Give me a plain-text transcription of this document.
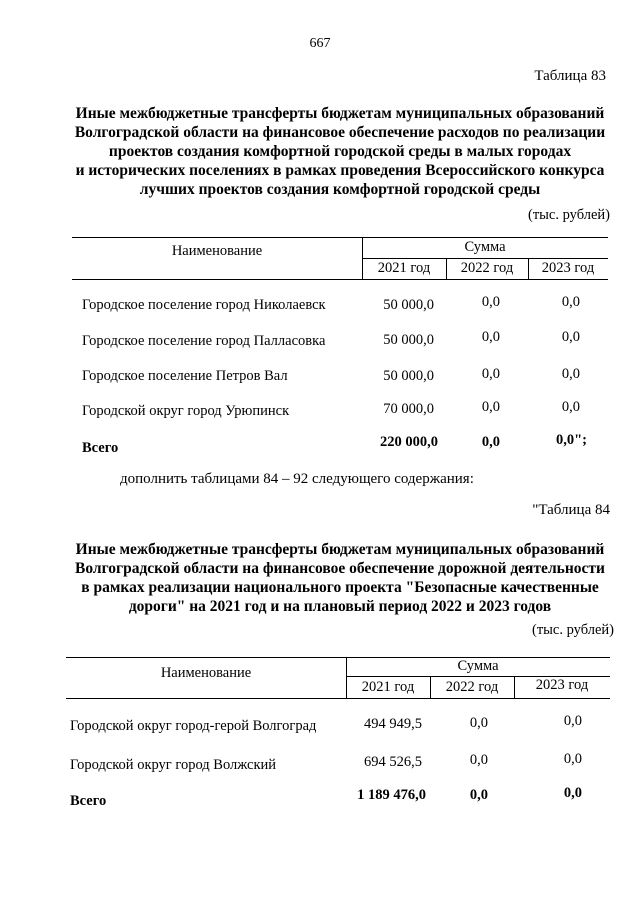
667
Таблица 83
Иные межбюджетные трансферты бюджетам муниципальных образований
Волгоградской области на финансовое обеспечение расходов по реализации
проектов создания комфортной городской среды в малых городах
и исторических поселениях в рамках проведения Всероссийского конкурса
лучших проектов создания комфортной городской среды
(тыс. рублей)
Наименование	Сумма
2021 год	2022 год	2023 год
Городское поселение город Николаевск	50 000,0	0,0	0,0
Городское поселение город Палласовка	50 000,0	0,0	0,0
Городское поселение Петров Вал	50 000,0	0,0	0,0
Городской округ город Урюпинск	70 000,0	0,0	0,0
Всего	220 000,0	0,0	0,0";
дополнить таблицами 84 – 92 следующего содержания:
"Таблица 84
Иные межбюджетные трансферты бюджетам муниципальных образований
Волгоградской области на финансовое обеспечение дорожной деятельности
в рамках реализации национального проекта "Безопасные качественные
дороги" на 2021 год и на плановый период 2022 и 2023 годов
(тыс. рублей)
Наименование	Сумма
2021 год	2022 год	2023 год
Городской округ город-герой Волгоград	494 949,5	0,0	0,0
Городской округ город Волжский	694 526,5	0,0	0,0
Всего	1 189 476,0	0,0	0,0
